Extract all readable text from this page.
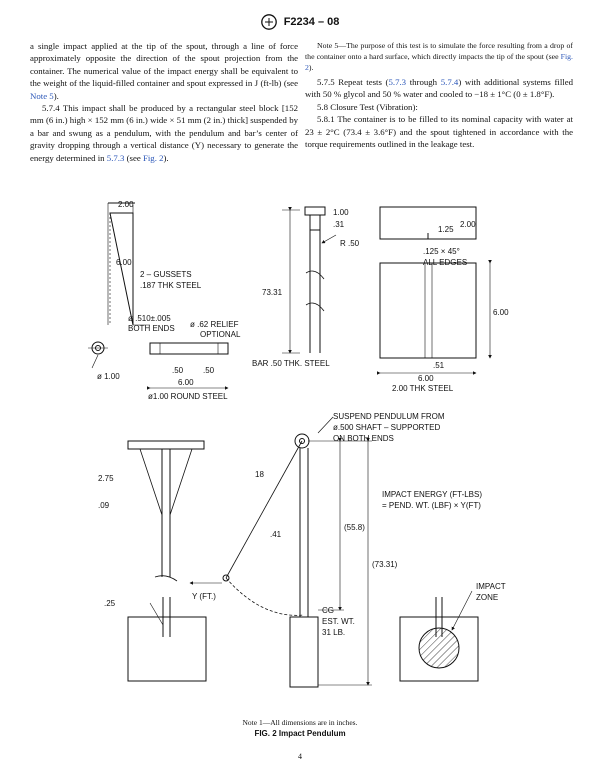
F2234 – 08

a single impact applied at the tip of the spout, through a line of force approximately opposite the direction of the spout projection from the container. The numerical value of the impact energy shall be equivalent to the weight of the liquid-filled container and spout expressed in J (ft-lb) (see Note 5).

5.7.4 This impact shall be produced by a rectangular steel block [152 mm (6 in.) high × 152 mm (6 in.) wide × 51 mm (2 in.) thick] suspended by a bar and swung as a pendulum, with the pendulum and bar’s center of gravity dropping through a vertical distance (Y) necessary to generate the energy determined in 5.7.3 (see Fig. 2).

Note 5—The purpose of this test is to simulate the force resulting from a drop of the container onto a hard surface, which directly impacts the tip of the spout (see Fig. 2).

5.7.5 Repeat tests (5.7.3 through 5.7.4) with additional systems filled with 50 % glycol and 50 % water and cooled to −18 ± 1°C (0 ± 1.8°F).

5.8 Closure Test (Vibration):

5.8.1 The container is to be filled to its nominal capacity with water at 23 ± 2°C (73.4 ± 3.6°F) and the spout tightened in accordance with the torque requirements outlined in the leakage test.

2.00
6.00
2 – GUSSETS
.187 THK STEEL
1.00
.31
R .50
73.31
BAR .50 THK. STEEL
1.25
2.00
.125 × 45°
ALL EDGES
6.00
.51
6.00
2.00 THK STEEL
ø .510±.005
BOTH ENDS ø .62 RELIEF
OPTIONAL
ø 1.00
.50 .50
6.00
ø1.00 ROUND STEEL
2.75
.09
.25
SUSPEND PENDULUM FROM
ø.500 SHAFT – SUPPORTED
ON BOTH ENDS
18
.41
(55.8)
(73.31)
Y (FT.)
CG
EST. WT.
31 LB.
IMPACT ENERGY (FT-LBS)
= PEND. WT. (LBF) × Y(FT)
IMPACT
ZONE
Note 1—All dimensions are in inches.
FIG. 2 Impact Pendulum
4
